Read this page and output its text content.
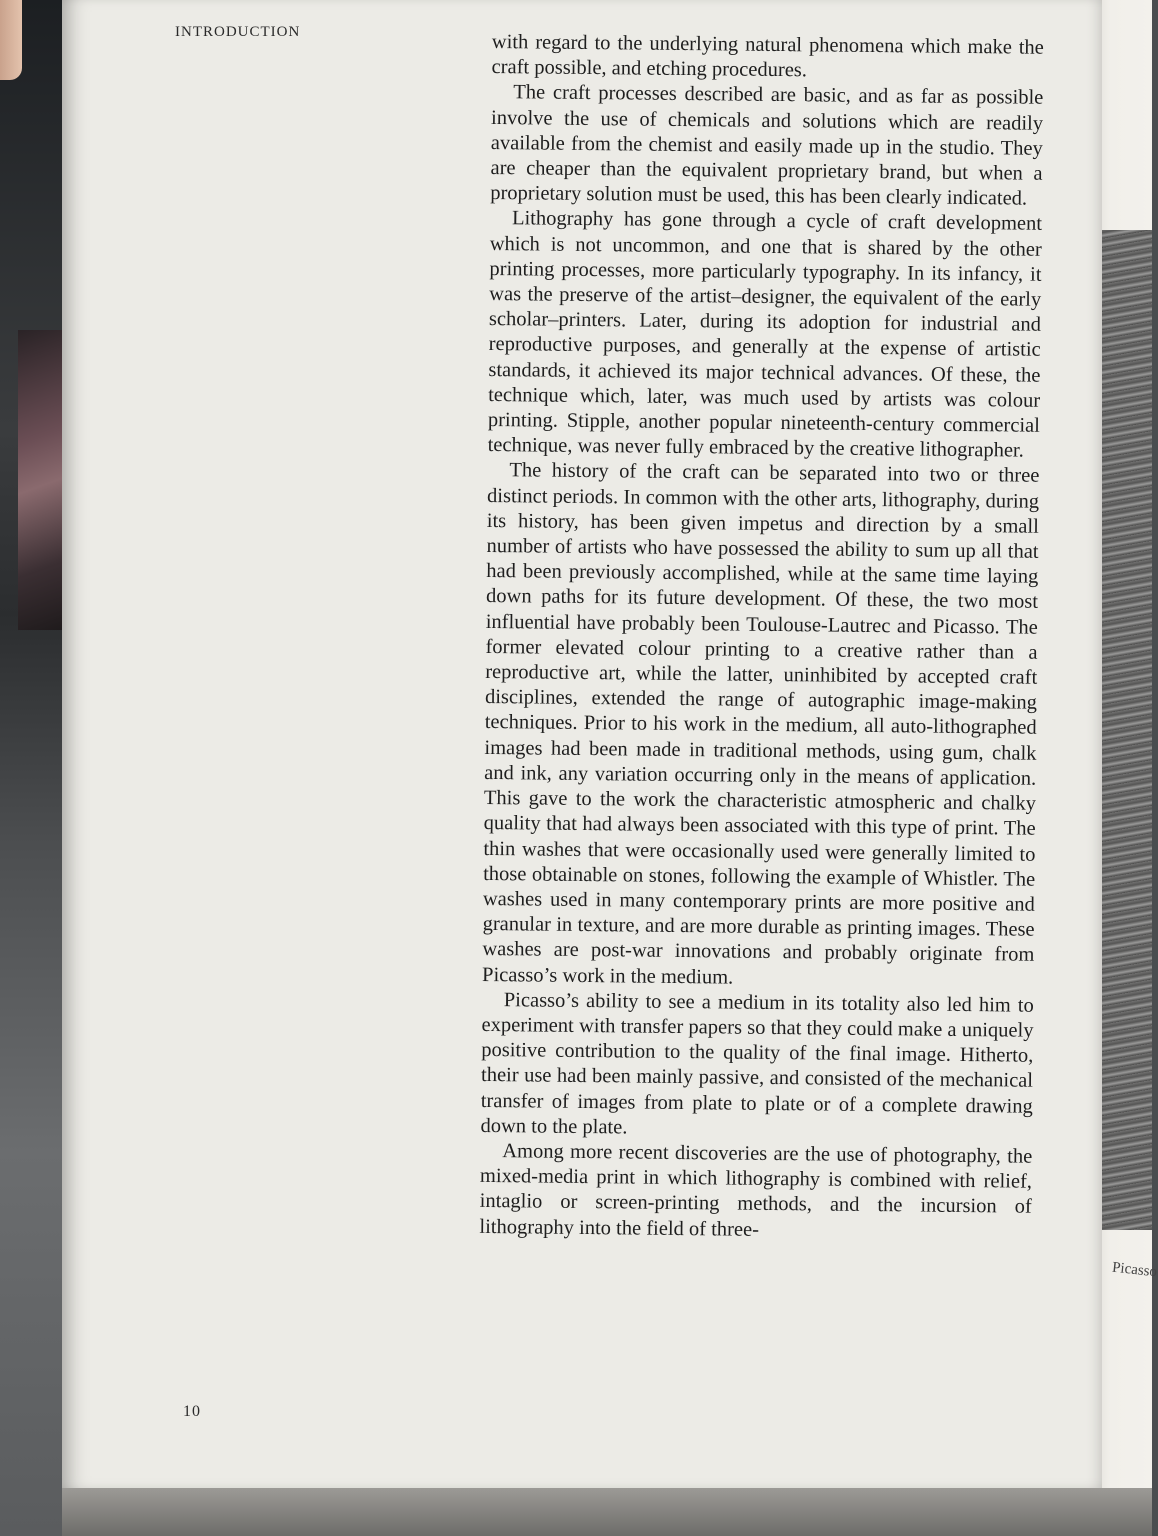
Picasso
INTRODUCTION	with regard to the underlying natural phenomena which make the craft possible, and etching procedures.

The craft processes described are basic, and as far as possible involve the use of chemicals and solutions which are readily available from the chemist and easily made up in the studio. They are cheaper than the equivalent proprietary brand, but when a proprietary solution must be used, this has been clearly indicated.

Lithography has gone through a cycle of craft development which is not uncommon, and one that is shared by the other printing processes, more particularly typography. In its infancy, it was the preserve of the artist–designer, the equivalent of the early scholar–printers. Later, during its adoption for industrial and reproductive purposes, and generally at the expense of artistic standards, it achieved its major technical advances. Of these, the technique which, later, was much used by artists was colour printing. Stipple, another popular nineteenth-century commercial technique, was never fully embraced by the creative lithographer.

The history of the craft can be separated into two or three distinct periods. In common with the other arts, lithography, during its history, has been given impetus and direction by a small number of artists who have possessed the ability to sum up all that had been previously accomplished, while at the same time laying down paths for its future development. Of these, the two most influential have probably been Toulouse-Lautrec and Picasso. The former elevated colour printing to a creative rather than a reproductive art, while the latter, uninhibited by accepted craft disciplines, extended the range of autographic image-making techniques. Prior to his work in the medium, all auto-lithographed images had been made in traditional methods, using gum, chalk and ink, any variation occurring only in the means of application. This gave to the work the characteristic atmospheric and chalky quality that had always been associated with this type of print. The thin washes that were occasionally used were generally limited to those obtainable on stones, following the example of Whistler. The washes used in many contemporary prints are more positive and granular in texture, and are more durable as printing images. These washes are post-war innovations and probably originate from Picasso’s work in the medium.

Picasso’s ability to see a medium in its totality also led him to experiment with transfer papers so that they could make a uniquely positive contribution to the quality of the final image. Hitherto, their use had been mainly passive, and consisted of the mechanical transfer of images from plate to plate or of a complete drawing down to the plate.

Among more recent discoveries are the use of photography, the mixed-media print in which lithography is combined with relief, intaglio or screen-printing methods, and the incursion of lithography into the field of three-

10
